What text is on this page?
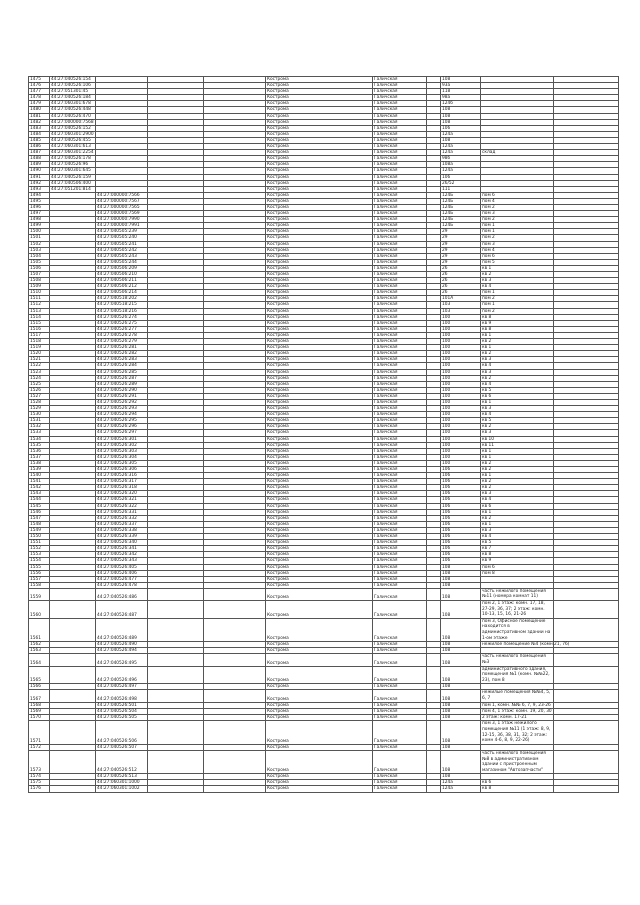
1475	44:27:040526:154				Кострома	Галичская		108		
1476	44:27:040526:106				Кострома	Галичская		93а		
1477	44:27:051301:45				Кострома	Галичская		118		
1478	44:27:040526:184				Кострома	Галичская		98а		
1479	44:27:060301:678				Кострома	Галичская		124б		
1480	44:27:040526:448				Кострома	Галичская		108		
1481	44:27:040526:470				Кострома	Галичская		108		
1482	44:27:000000:7568				Кострома	Галичская		108		
1483	44:27:040526:152				Кострома	Галичская		106		
1484	44:27:060301:2900				Кострома	Галичская		124а		
1485	44:27:040526:455				Кострома	Галичская		108		
1486	44:27:060301:613				Кострома	Галичская		124а		
1487	44:27:060301:2254				Кострома	Галичская		124а	склад	
1488	44:27:040526:178				Кострома	Галичская		98б		
1489	44:27:040526:96				Кострома	Галичская		108а		
1490	44:27:060301:645				Кострома	Галичская		124а		
1491	44:27:040526:159				Кострома	Галичская		106		
1492	44:27:040506:400				Кострома	Галичская		26/52		
1493	44:27:051201:814				Кострома	Галичская		111		
1494		44:27:000000:7566			Кострома	Галичская		124Б	пом 6	
1495		44:27:000000:7567			Кострома	Галичская		124Б	пом 4	
1496		44:27:000000:7565			Кострома	Галичская		124Б	пом 2	
1497		44:27:000000:7569			Кострома	Галичская		124Б	пом 3	
1498		44:27:000000:7990			Кострома	Галичская		124Б	пом 2	
1499		44:27:000000:7991			Кострома	Галичская		124Б	пом 1	
1500		44:27:040505:239			Кострома	Галичская		29	пом 1	
1501		44:27:040505:240			Кострома	Галичская		29	пом 2	
1502		44:27:040505:241			Кострома	Галичская		29	пом 3	
1503		44:27:040505:242			Кострома	Галичская		29	пом 4	
1504		44:27:040505:243			Кострома	Галичская		29	пом 6	
1505		44:27:040505:244			Кострома	Галичская		29	пом 5	
1506		44:27:040506:209			Кострома	Галичская		26	кв 1	
1507		44:27:040506:210			Кострома	Галичская		26	кв 2	
1508		44:27:040506:211			Кострома	Галичская		26	кв 3	
1509		44:27:040506:212			Кострома	Галичская		26	кв 4	
1510		44:27:040506:214			Кострома	Галичская		26	пом 1	
1511		44:27:040518:202			Кострома	Галичская		101А	пом 2	
1512		44:27:040518:215			Кострома	Галичская		103	пом 1	
1513		44:27:040518:216			Кострома	Галичская		103	пом 2	
1514		44:27:040526:274			Кострома	Галичская		100	кв 8	
1515		44:27:040526:275			Кострома	Галичская		100	кв 9	
1516		44:27:040526:277			Кострома	Галичская		100	кв 8	
1517		44:27:040526:278			Кострома	Галичская		100	кв 1	
1518		44:27:040526:279			Кострома	Галичская		100	кв 2	
1519		44:27:040526:281			Кострома	Галичская		100	кв 1	
1520		44:27:040526:282			Кострома	Галичская		100	кв 2	
1521		44:27:040526:283			Кострома	Галичская		100	кв 3	
1522		44:27:040526:284			Кострома	Галичская		100	кв 4	
1523		44:27:040526:285			Кострома	Галичская		100	кв 3	
1524		44:27:040526:287			Кострома	Галичская		100	кв 2	
1525		44:27:040526:289			Кострома	Галичская		100	кв 4	
1526		44:27:040526:290			Кострома	Галичская		100	кв 5	
1527		44:27:040526:291			Кострома	Галичская		100	кв 6	
1528		44:27:040526:292			Кострома	Галичская		100	кв 1	
1529		44:27:040526:293			Кострома	Галичская		100	кв 3	
1530		44:27:040526:294			Кострома	Галичская		100	кв 4	
1531		44:27:040526:295			Кострома	Галичская		100	кв 5	
1532		44:27:040526:296			Кострома	Галичская		100	кв 2	
1533		44:27:040526:297			Кострома	Галичская		100	кв 3	
1534		44:27:040526:301			Кострома	Галичская		100	кв 10	
1535		44:27:040526:302			Кострома	Галичская		100	кв 11	
1536		44:27:040526:303			Кострома	Галичская		100	кв 1	
1537		44:27:040526:304			Кострома	Галичская		100	кв 1	
1538		44:27:040526:305			Кострома	Галичская		100	кв 2	
1539		44:27:040526:306			Кострома	Галичская		106	кв 2	
1540		44:27:040526:316			Кострома	Галичская		106	кв 1	
1541		44:27:040526:317			Кострома	Галичская		106	кв 2	
1542		44:27:040526:318			Кострома	Галичская		106	кв 2	
1543		44:27:040526:320			Кострома	Галичская		106	кв 3	
1544		44:27:040526:321			Кострома	Галичская		106	кв 4	
1545		44:27:040526:322			Кострома	Галичская		106	кв 6	
1546		44:27:040526:331			Кострома	Галичская		106	кв 1	
1547		44:27:040526:332			Кострома	Галичская		106	кв 2	
1548		44:27:040526:337			Кострома	Галичская		106	кв 1	
1549		44:27:040526:338			Кострома	Галичская		106	кв 3	
1550		44:27:040526:339			Кострома	Галичская		106	кв 4	
1551		44:27:040526:340			Кострома	Галичская		106	кв 5	
1552		44:27:040526:341			Кострома	Галичская		106	кв 7	
1553		44:27:040526:342			Кострома	Галичская		106	кв 8	
1554		44:27:040526:343			Кострома	Галичская		106	кв 9	
1555		44:27:040526:405			Кострома	Галичская		108	пом 6	
1556		44:27:040526:406			Кострома	Галичская		108	пом 8	
1557		44:27:040526:477			Кострома	Галичская		108		
1558		44:27:040526:478			Кострома	Галичская		108		
1559		44:27:040526:486			Кострома	Галичская		108	часть нежилого помещения №11 (номера комнат 11)	
1560		44:27:040526:487			Кострома	Галичская		108	пом 2, 1 этаж: комн. 17, 18, 27-29, 36, 37; 2 этаж: комн. 10-13, 15, 16, 21-26	
1561		44:27:040526:489			Кострома	Галичская		108	пом 3, Офисное помещение находится в административном здании на 1-ом этаже	
1562		44:27:040526:490			Кострома	Галичская		108	нежилое помещение №4 (комн 21, 76)	
1563		44:27:040526:494			Кострома	Галичская		108		
1564		44:27:040526:495			Кострома	Галичская		108	часть нежилого помещения №3	
1565		44:27:040526:496			Кострома	Галичская		108	административного здания, помещения №1 (комн. №№22, 23), пом 8	
1566		44:27:040526:497			Кострома	Галичская		108		
1567		44:27:040526:498			Кострома	Галичская		108	нежилые помещения №№4, 5, 6, 7	
1568		44:27:040526:501			Кострома	Галичская		108	пом 1, комн. №№ 6, 7, 9, 23-26	
1569		44:27:040526:504			Кострома	Галичская		108	пом 4, 1 этаж: комн. 19, 20, 30	
1570		44:27:040526:505			Кострома	Галичская		108	2 этаж: комн. 17-21	
1571		44:27:040526:506			Кострома	Галичская		108	пом 3, 1 этаж нежилого помещения №11 (1 этаж: 8, 9, 12-15, 36, 38, 31, 32; 2 этаж: комн 4-6, 8, 9, 22-26)	
1572		44:27:040526:507			Кострома	Галичская		108		
1573		44:27:040526:512			Кострома	Галичская		108	часть нежилого помещения №8 в административном здании с пристроенным магазином "Автозапчасти"	
1574		44:27:040526:513			Кострома	Галичская		108		
1575		44:27:060301:1000			Кострома	Галичская		124а	кв 6	
1576		44:27:060301:1002			Кострома	Галичская		124а	кв 8	
